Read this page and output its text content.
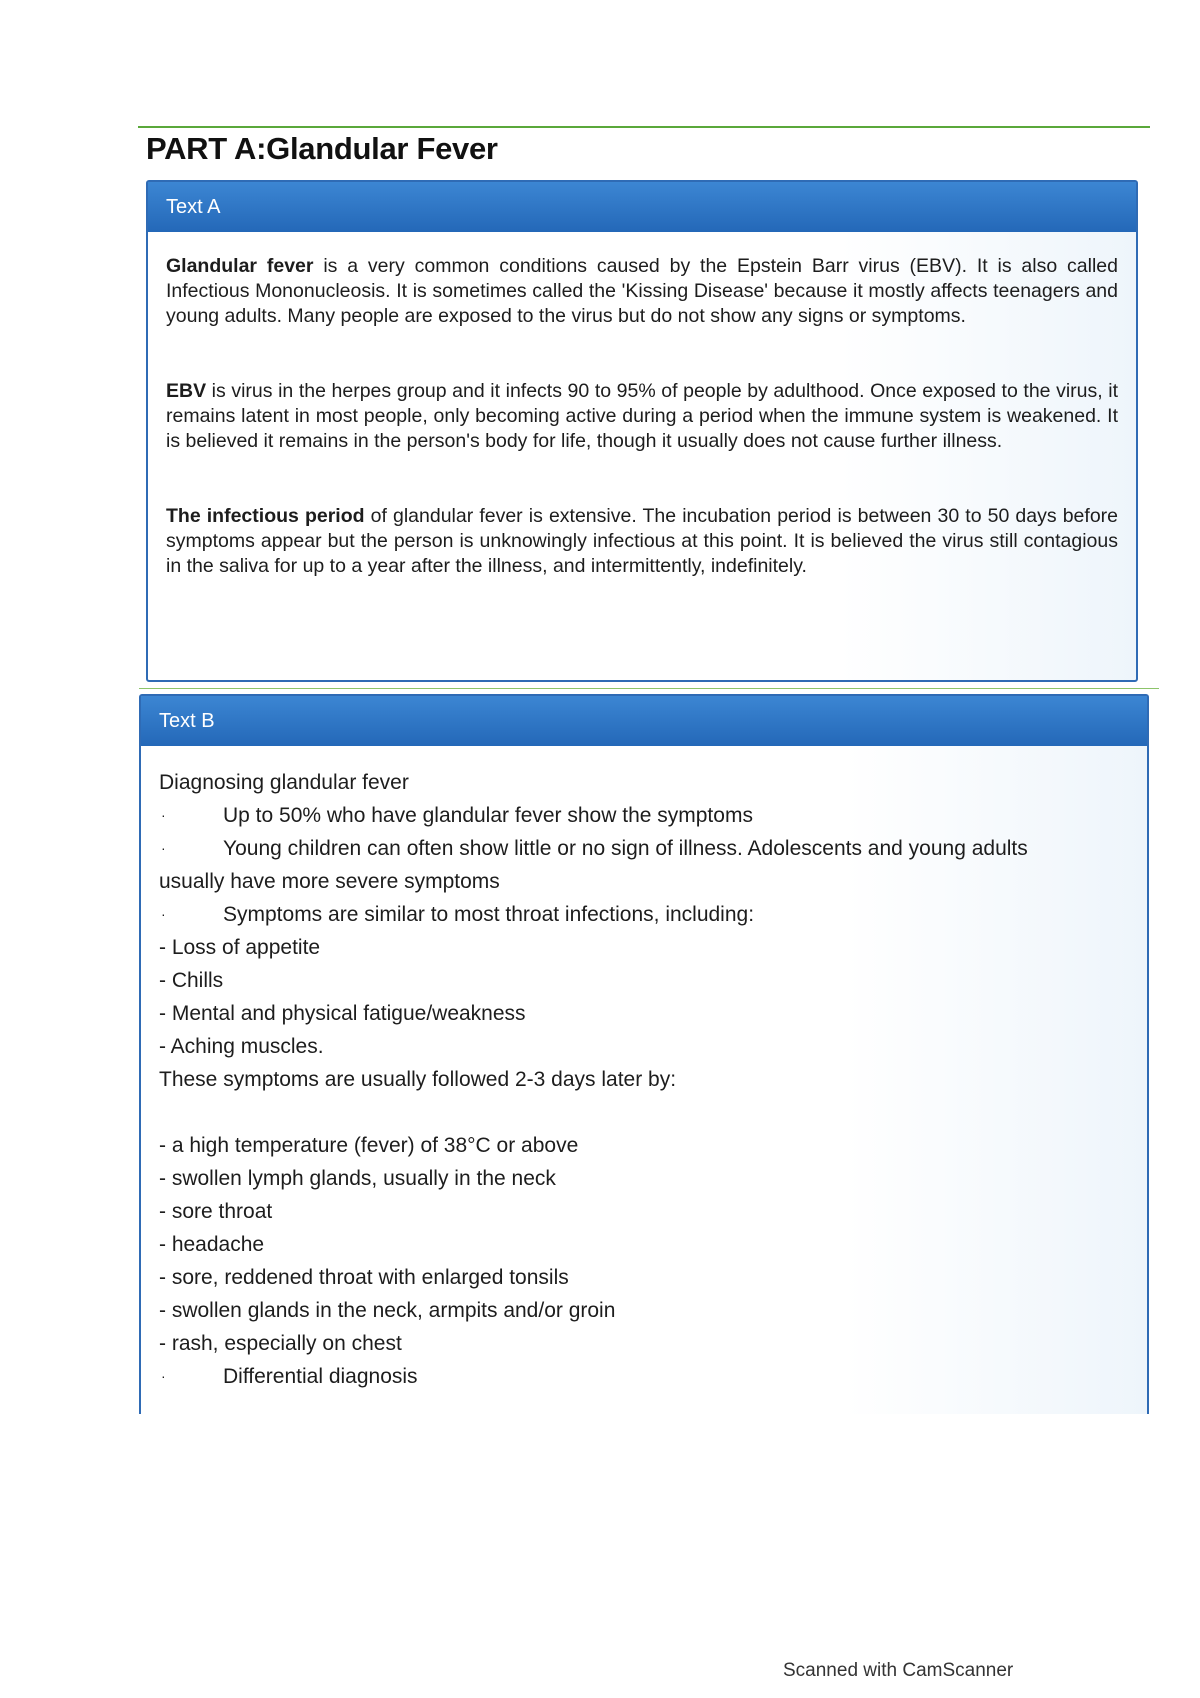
PART A:Glandular Fever
Text A

Glandular fever is a very common conditions caused by the Epstein Barr virus (EBV). It is also called Infectious Mononucleosis. It is sometimes called the 'Kissing Disease' because it mostly affects teenagers and young adults. Many people are exposed to the virus but do not show any signs or symptoms.

EBV is virus in the herpes group and it infects 90 to 95% of people by adulthood. Once exposed to the virus, it remains latent in most people, only becoming active during a period when the immune system is weakened. It is believed it remains in the person's body for life, though it usually does not cause further illness.

The infectious period of glandular fever is extensive. The incubation period is between 30 to 50 days before symptoms appear but the person is unknowingly infectious at this point. It is believed the virus still contagious in the saliva for up to a year after the illness, and intermittently, indefinitely.

Text B
Diagnosing glandular fever
·	Up to 50% who have glandular fever show the symptoms
·	Young children can often show little or no sign of illness. Adolescents and young adults
usually have more severe symptoms
·	Symptoms are similar to most throat infections, including:
- Loss of appetite
- Chills
- Mental and physical fatigue/weakness
- Aching muscles.
These symptoms are usually followed 2-3 days later by:
- a high temperature (fever) of 38°C or above
- swollen lymph glands, usually in the neck
- sore throat
- headache
- sore, reddened throat with enlarged tonsils
- swollen glands in the neck, armpits and/or groin
- rash, especially on chest
·	Differential diagnosis
Scanned with CamScanner
